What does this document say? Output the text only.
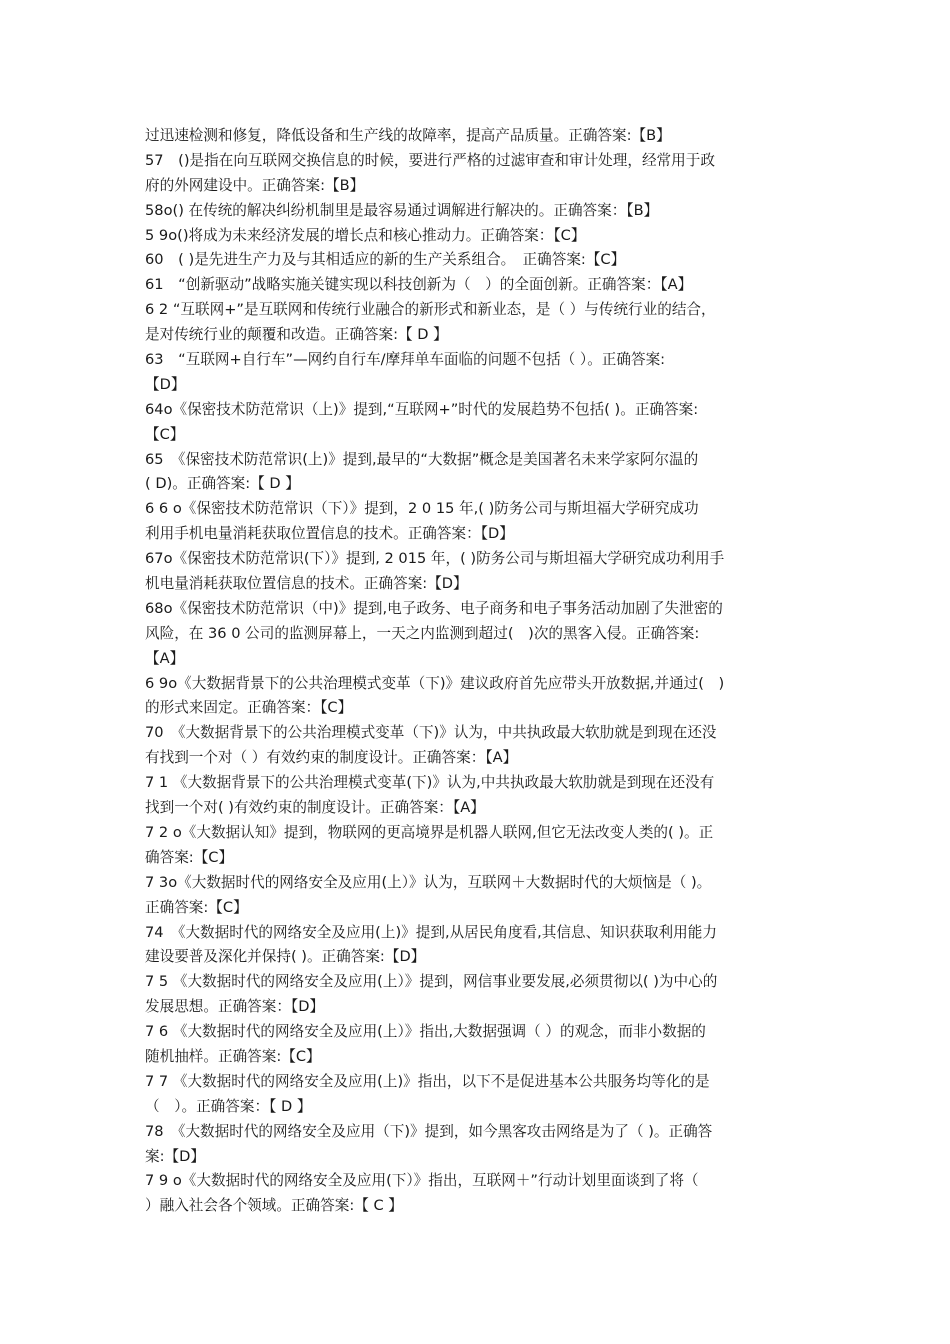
过迅速检测和修复，降低设备和生产线的故障率，提高产品质量。正确答案:【B】
57　()是指在向互联网交换信息的时候，要进行严格的过滤审查和审计处理，经常用于政
府的外网建设中。正确答案:【B】
58ο() 在传统的解决纠纷机制里是最容易通过调解进行解决的。正确答案：【B】
5 9ο()将成为未来经济发展的增长点和核心推动力。正确答案：【C】
60　( )是先进生产力及与其相适应的新的生产关系组合。　正确答案:【C】
61　“创新驱动”战略实施关键实现以科技创新为（　）的全面创新。正确答案：【A】
6 2 “互联网+”是互联网和传统行业融合的新形式和新业态，是（ ）与传统行业的结合，
是对传统行业的颠覆和改造。正确答案:【 D 】
63　“互联网+自行车”—网约自行车/摩拜单车面临的问题不包括（ ）。正确答案:
【D】
64ο《保密技术防范常识（上)》提到,“互联网+”时代的发展趋势不包括( )。正确答案:
【C】
65　《保密技术防范常识(上)》提到,最早的“大数据”概念是美国著名未来学家阿尔温的
( D)。正确答案:【 D 】
6 6 ο《保密技术防范常识（下）》提到，2 0 15 年,( )防务公司与斯坦福大学研究成功
利用手机电量消耗获取位置信息的技术。正确答案：【D】
67ο《保密技术防范常识(下）》提到, 2 015 年，( )防务公司与斯坦福大学研究成功利用手
机电量消耗获取位置信息的技术。正确答案:【D】
68ο《保密技术防范常识（中)》提到,电子政务、电子商务和电子事务活动加剧了失泄密的
风险，在 36 0 公司的监测屏幕上，一天之内监测到超过(　)次的黑客入侵。正确答案:
【A】
6 9ο《大数据背景下的公共治理模式变革（下)》建议政府首先应带头开放数据,并通过(　)
的形式来固定。正确答案：【C】
70　《大数据背景下的公共治理模式变革（下)》认为，中共执政最大软肋就是到现在还没
有找到一个对（ ）有效约束的制度设计。正确答案：【A】
7 1 《大数据背景下的公共治理模式变革(下)》认为,中共执政最大软肋就是到现在还没有
找到一个对( )有效约束的制度设计。正确答案：【A】
7 2 ο《大数据认知》提到，物联网的更高境界是机器人联网,但它无法改变人类的( )。正
确答案:【C】
7 3ο《大数据时代的网络安全及应用(上）》认为，互联网＋大数据时代的大烦恼是（ )。
正确答案:【C】
74　《大数据时代的网络安全及应用(上)》提到,从居民角度看,其信息、知识获取利用能力
建设要普及深化并保持( )。正确答案:【D】
7 5 《大数据时代的网络安全及应用(上）》提到，网信事业要发展,必须贯彻以( )为中心的
发展思想。正确答案：【D】
7 6 《大数据时代的网络安全及应用(上）》指出,大数据强调（ ）的观念，而非小数据的
随机抽样。正确答案:【C】
7 7 《大数据时代的网络安全及应用(上)》指出，以下不是促进基本公共服务均等化的是
（　）。正确答案：【 D 】
78　《大数据时代的网络安全及应用（下)》提到，如今黑客攻击网络是为了（ )。正确答
案:【D】
7 9 ο《大数据时代的网络安全及应用(下）》指出，互联网＋”行动计划里面谈到了将（
）融入社会各个领域。正确答案:【 C 】
